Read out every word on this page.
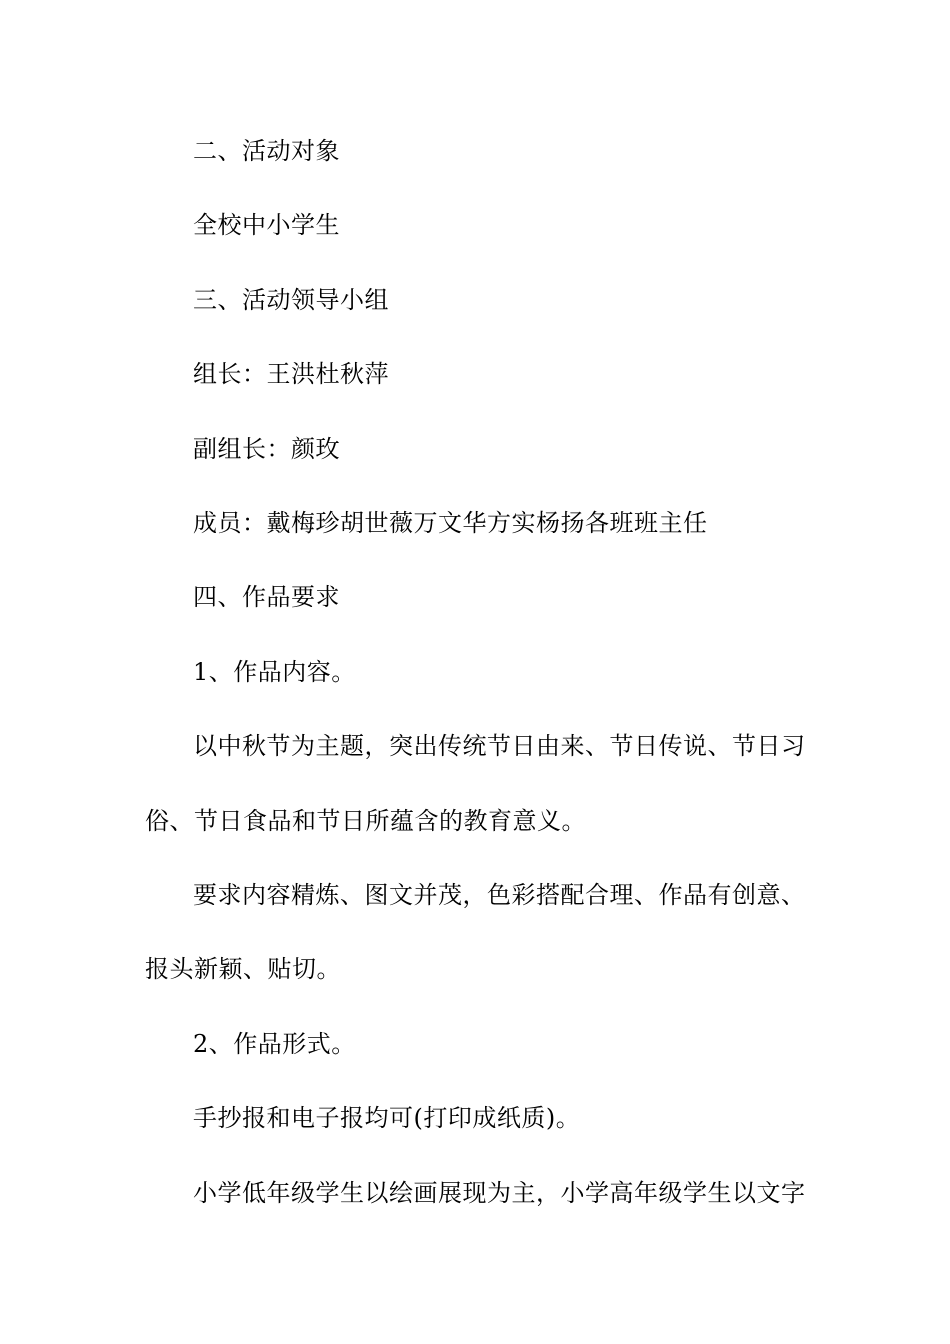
二、活动对象
全校中小学生
三、活动领导小组
组长：王洪杜秋萍
副组长：颜玫
成员：戴梅珍胡世薇万文华方实杨扬各班班主任
四、作品要求
1、作品内容。
以中秋节为主题，突出传统节日由来、节日传说、节日习
俗、节日食品和节日所蕴含的教育意义。
要求内容精炼、图文并茂，色彩搭配合理、作品有创意、
报头新颖、贴切。
2、作品形式。
手抄报和电子报均可(打印成纸质)。
小学低年级学生以绘画展现为主，小学高年级学生以文字
